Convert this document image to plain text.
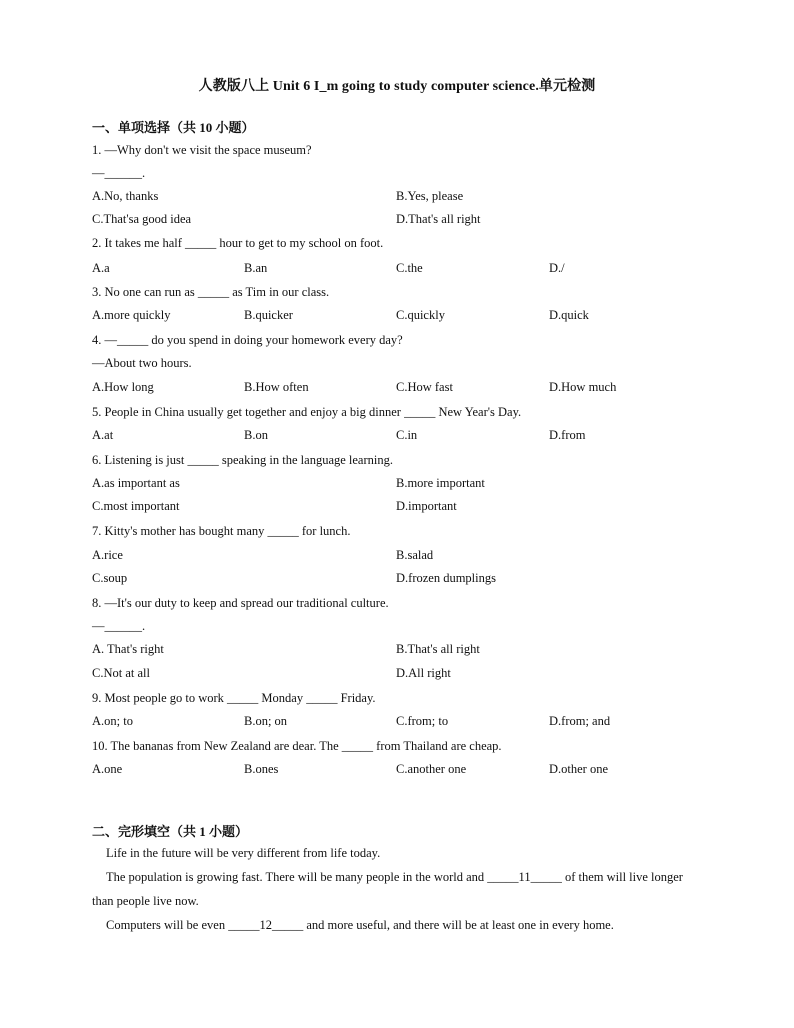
人教版八上 Unit 6 I_m going to study computer science.单元检测
一、单项选择（共 10 小题）
1. —Why don't we visit the space museum?
—______.
A.No, thanks	B.Yes, please
C.That'sa good idea	D.That's all right
2. It takes me half _____ hour to get to my school on foot.
A.a	B.an	C.the	D./
3. No one can run as _____ as Tim in our class.
A.more quickly	B.quicker	C.quickly	D.quick
4. —_____ do you spend in doing your homework every day?
—About two hours.
A.How long	B.How often	C.How fast	D.How much
5. People in China usually get together and enjoy a big dinner _____ New Year's Day.
A.at	B.on	C.in	D.from
6. Listening is just _____ speaking in the language learning.
A.as important as	B.more important
C.most important	D.important
7. Kitty's mother has bought many _____ for lunch.
A.rice	B.salad
C.soup	D.frozen dumplings
8. —It's our duty to keep and spread our traditional culture.
—______.
A. That's right	B.That's all right
C.Not at all	D.All right
9. Most people go to work _____ Monday _____ Friday.
A.on; to	B.on; on	C.from; to	D.from; and
10. The bananas from New Zealand are dear. The _____ from Thailand are cheap.
A.one	B.ones	C.another one	D.other one
二、完形填空（共 1 小题）

Life in the future will be very different from life today.

The population is growing fast. There will be many people in the world and _____11_____ of them will live longer than people live now.

Computers will be even _____12_____ and more useful, and there will be at least one in every home.
